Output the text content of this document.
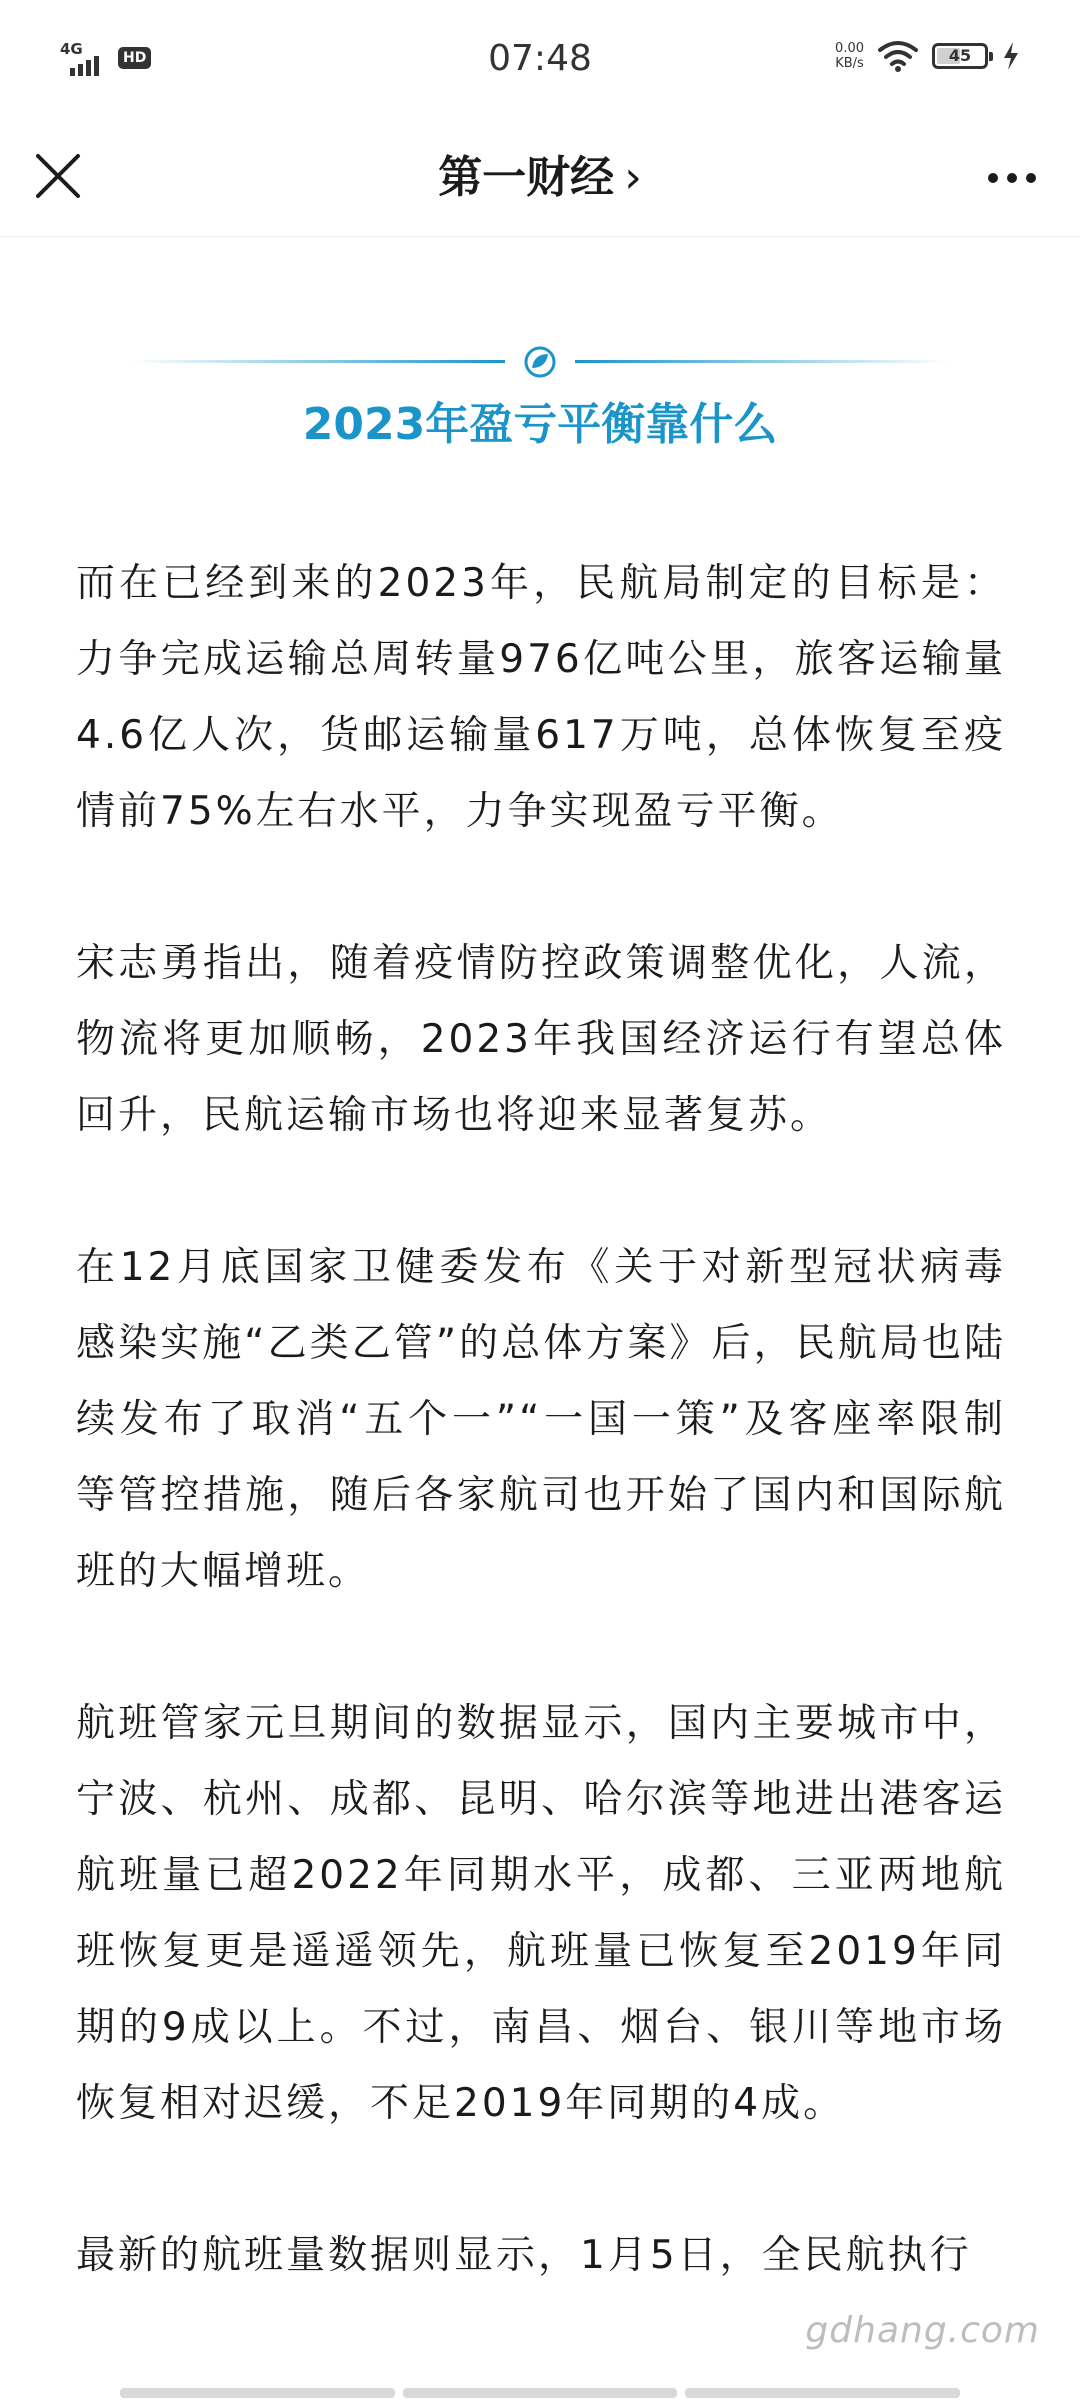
4G	HD	07:48	0.00
KB/s	45
第一财经 ›
2023年盈亏平衡靠什么

而在已经到来的2023年，民航局制定的目标是：力争完成运输总周转量976亿吨公里，旅客运输量4.6亿人次，货邮运输量617万吨，总体恢复至疫情前75%左右水平，力争实现盈亏平衡。

宋志勇指出，随着疫情防控政策调整优化，人流，物流将更加顺畅，2023年我国经济运行有望总体回升，民航运输市场也将迎来显著复苏。

在12月底国家卫健委发布《关于对新型冠状病毒感染实施“乙类乙管”的总体方案》后，民航局也陆续发布了取消“五个一”“一国一策”及客座率限制等管控措施，随后各家航司也开始了国内和国际航班的大幅增班。

航班管家元旦期间的数据显示，国内主要城市中，宁波、杭州、成都、昆明、哈尔滨等地进出港客运航班量已超2022年同期水平，成都、三亚两地航班恢复更是遥遥领先，航班量已恢复至2019年同期的9成以上。不过，南昌、烟台、银川等地市场恢复相对迟缓，不足2019年同期的4成。

最新的航班量数据则显示，1月5日，全民航执行

gdhang.com
